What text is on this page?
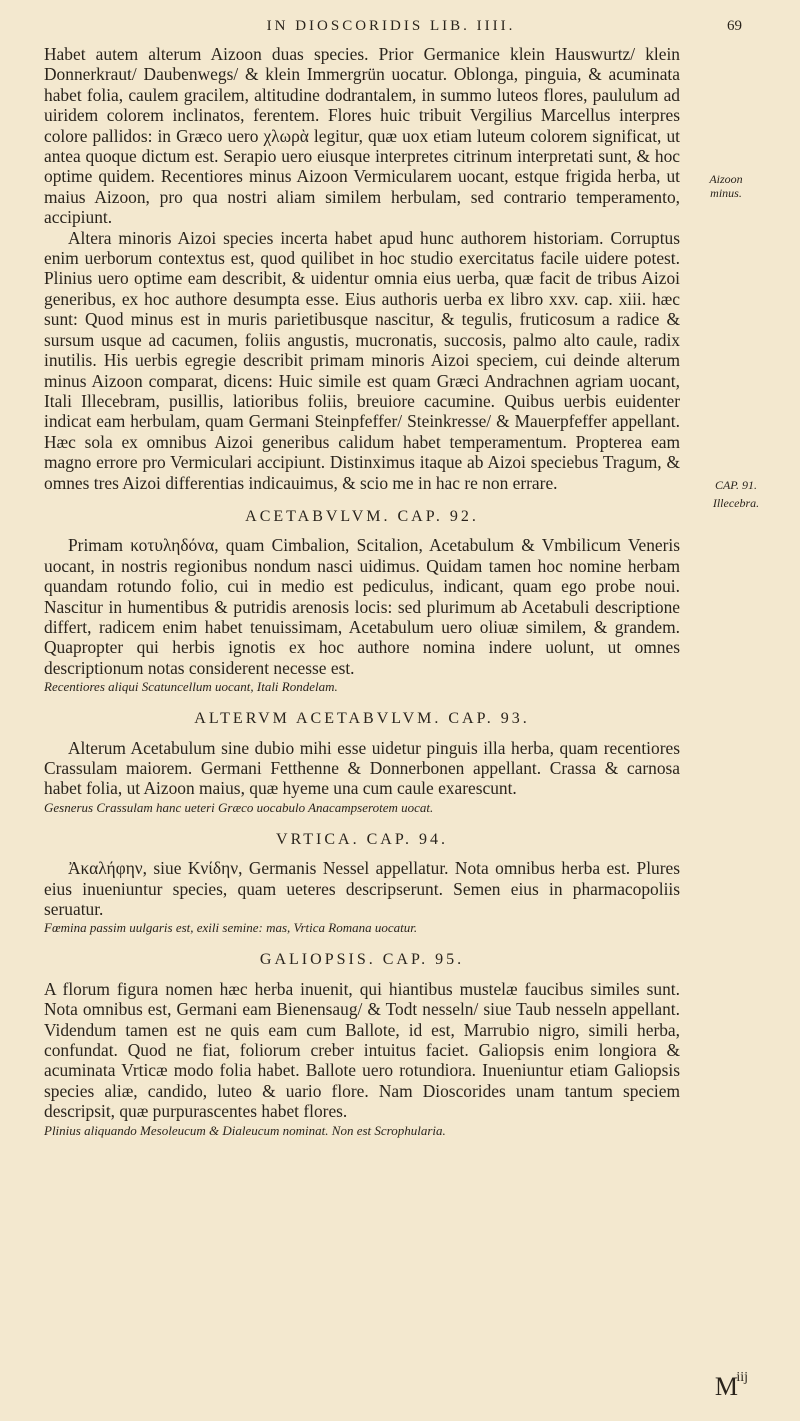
IN DIOSCORIDIS LIB. IIII.	69

Habet autem alterum Aizoon duas species. Prior Germanice klein Hauswurtz/ klein Donnerkraut/ Daubenwegs/ & klein Immergrün uocatur. Oblonga, pinguia, & acuminata habet folia, caulem gracilem, altitudine dodrantalem, in summo luteos flores, paululum ad uiridem colorem inclinatos, ferentem. Flores huic tribuit Vergilius Marcellus interpres colore pallidos: in Græco uero χλωρὰ legitur, quæ uox etiam luteum colorem significat, ut antea quoque dictum est. Serapio uero eiusque interpretes citrinum interpretati sunt, & hoc optime quidem. Recentiores minus Aizoon Vermicularem uocant, estque frigida herba, ut maius Aizoon, pro qua nostri aliam similem herbulam, sed contrario temperamento, accipiunt.

Altera minoris Aizoi species incerta habet apud hunc authorem historiam. Corruptus enim uerborum contextus est, quod quilibet in hoc studio exercitatus facile uidere potest. Plinius uero optime eam describit, & uidentur omnia eius uerba, quæ facit de tribus Aizoi generibus, ex hoc authore desumpta esse. Eius authoris uerba ex libro xxv. cap. xiii. hæc sunt: Quod minus est in muris parietibusque nascitur, & tegulis, fruticosum a radice & sursum usque ad cacumen, foliis angustis, mucronatis, succosis, palmo alto caule, radix inutilis. His uerbis egregie describit primam minoris Aizoi speciem, cui deinde alterum minus Aizoon comparat, dicens: Huic simile est quam Græci Andrachnen agriam uocant, Itali Illecebram, pusillis, latioribus foliis, breuiore cacumine. Quibus uerbis euidenter indicat eam herbulam, quam Germani Steinpfeffer/ Steinkresse/ & Mauerpfeffer appellant. Hæc sola ex omnibus Aizoi generibus calidum habet temperamentum. Propterea eam magno errore pro Vermiculari accipiunt. Distinximus itaque ab Aizoi speciebus Tragum, & omnes tres Aizoi differentias indicauimus, & scio me in hac re non errare.

ACETABVLVM. CAP. 92.

Primam κοτυληδόνα, quam Cimbalion, Scitalion, Acetabulum & Vmbilicum Veneris uocant, in nostris regionibus nondum nasci uidimus. Quidam tamen hoc nomine herbam quandam rotundo folio, cui in medio est pediculus, indicant, quam ego probe noui. Nascitur in humentibus & putridis arenosis locis: sed plurimum ab Acetabuli descriptione differt, radicem enim habet tenuissimam, Acetabulum uero oliuæ similem, & grandem. Quapropter qui herbis ignotis ex hoc authore nomina indere uolunt, ut omnes descriptionum notas considerent necesse est.

Recentiores aliqui Scatuncellum uocant, Itali Rondelam.

ALTERVM ACETABVLVM. CAP. 93.

Alterum Acetabulum sine dubio mihi esse uidetur pinguis illa herba, quam recentiores Crassulam maiorem. Germani Fetthenne & Donnerbonen appellant. Crassa & carnosa habet folia, ut Aizoon maius, quæ hyeme una cum caule exarescunt.

Gesnerus Crassulam hanc ueteri Græco uocabulo Anacampserotem uocat.

VRTICA. CAP. 94.

Ἀκαλήφην, siue Κνίδην, Germanis Nessel appellatur. Nota omnibus herba est. Plures eius inueniuntur species, quam ueteres descripserunt. Semen eius in pharmacopoliis seruatur.

Fœmina passim uulgaris est, exili semine: mas, Vrtica Romana uocatur.

GALIOPSIS. CAP. 95.

A florum figura nomen hæc herba inuenit, qui hiantibus mustelæ faucibus similes sunt. Nota omnibus est, Germani eam Bienensaug/ & Todt nesseln/ siue Taub nesseln appellant. Videndum tamen est ne quis eam cum Ballote, id est, Marrubio nigro, simili herba, confundat. Quod ne fiat, foliorum creber intuitus faciet. Galiopsis enim longiora & acuminata Vrticæ modo folia habet. Ballote uero rotundiora. Inueniuntur etiam Galiopsis species aliæ, candido, luteo & uario flore. Nam Dioscorides unam tantum speciem descripsit, quæ purpurascentes habet flores.

Plinius aliquando Mesoleucum & Dialeucum nominat. Non est Scrophularia.

Aizoon minus.
CAP. 91.
Illecebra.
M
iij
